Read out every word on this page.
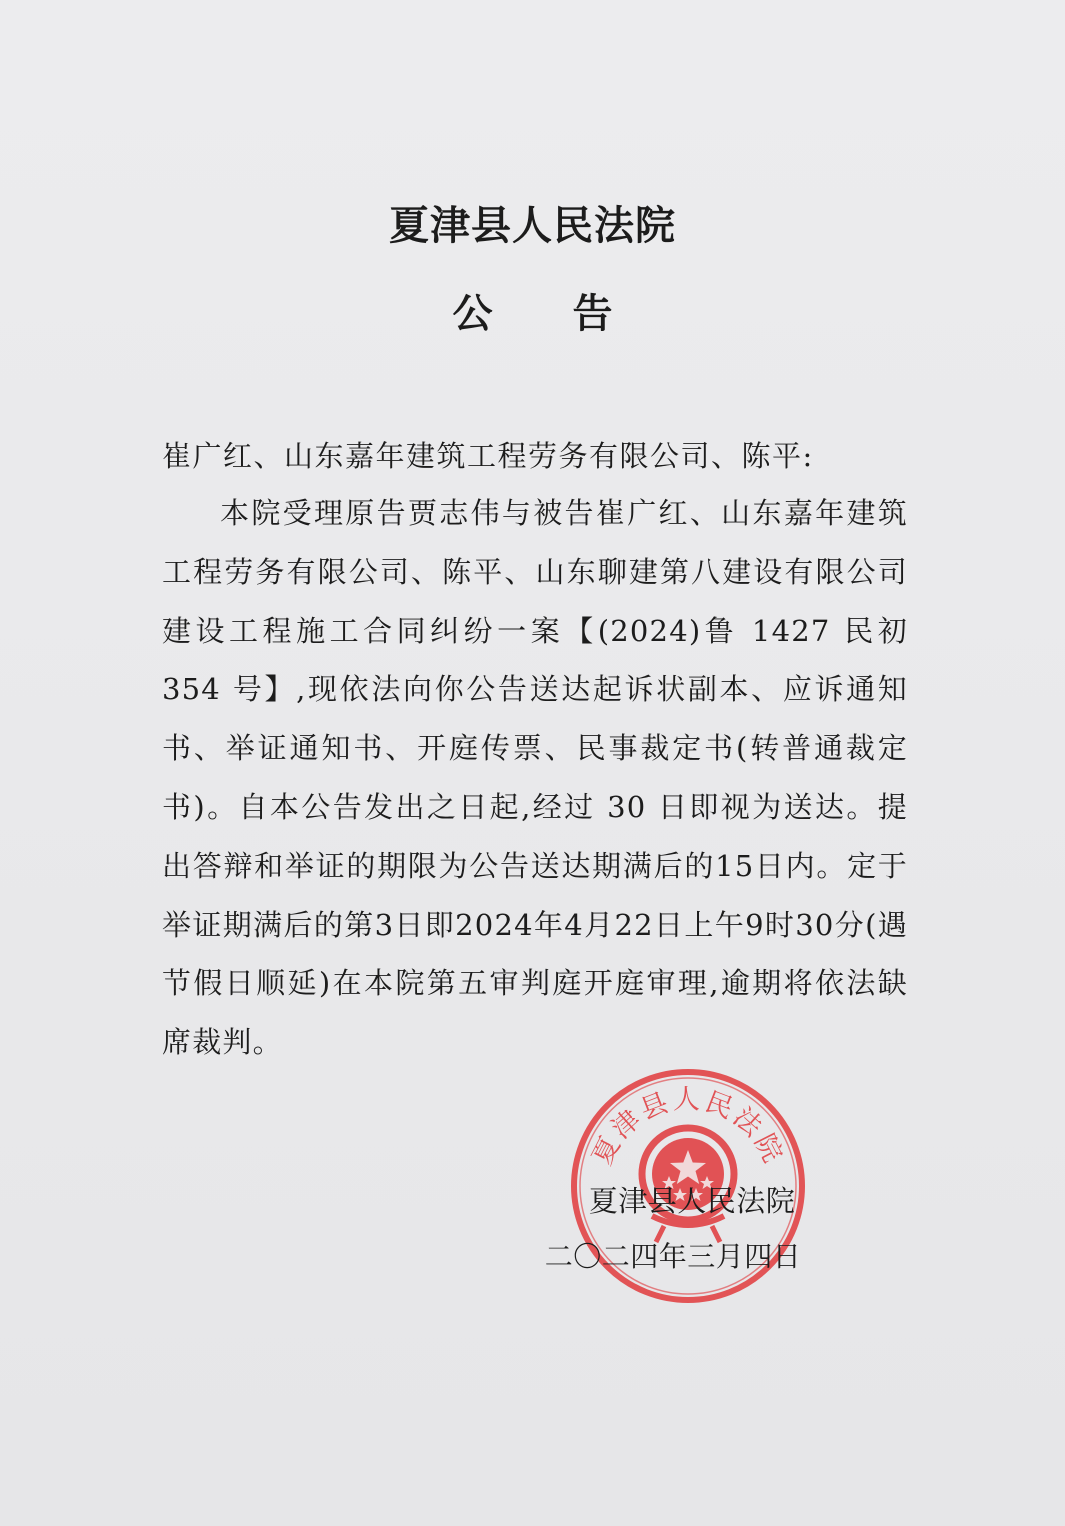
夏津县人民法院
公 告

崔广红、山东嘉年建筑工程劳务有限公司、陈平:

本院受理原告贾志伟与被告崔广红、山东嘉年建筑工程劳务有限公司、陈平、山东聊建第八建设有限公司建设工程施工合同纠纷一案【(2024)鲁 1427 民初 354 号】,现依法向你公告送达起诉状副本、应诉通知书、举证通知书、开庭传票、民事裁定书(转普通裁定书)。自本公告发出之日起,经过 30 日即视为送达。提出答辩和举证的期限为公告送达期满后的15日内。定于举证期满后的第3日即2024年4月22日上午9时30分(遇节假日顺延)在本院第五审判庭开庭审理,逾期将依法缺席裁判。

夏津县人民法院

夏津县人民法院

二〇二四年三月四日
